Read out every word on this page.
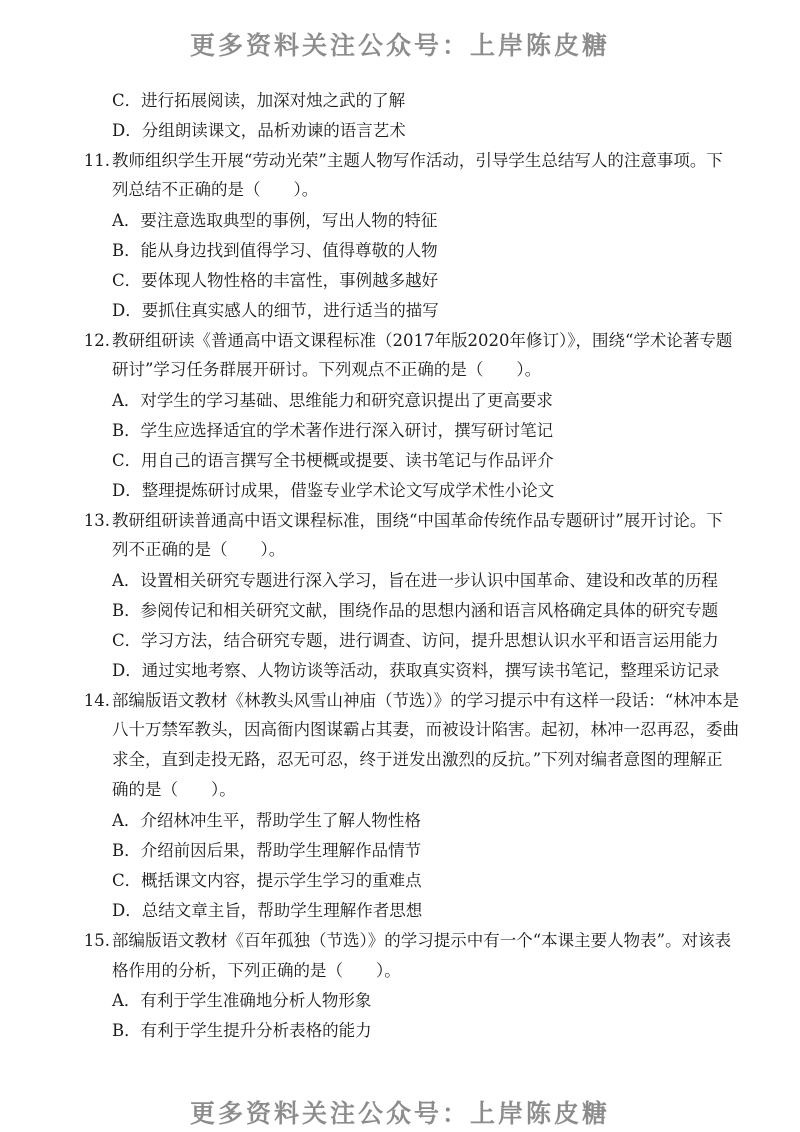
更多资料关注公众号：上岸陈皮糖
C．进行拓展阅读，加深对烛之武的了解
D．分组朗读课文，品析劝谏的语言艺术
11. 教师组织学生开展“劳动光荣”主题人物写作活动，引导学生总结写人的注意事项。下
列总结不正确的是（　　）。
A．要注意选取典型的事例，写出人物的特征
B．能从身边找到值得学习、值得尊敬的人物
C．要体现人物性格的丰富性，事例越多越好
D．要抓住真实感人的细节，进行适当的描写
12. 教研组研读《普通高中语文课程标准（2017年版2020年修订）》，围绕“学术论著专题
研讨”学习任务群展开研讨。下列观点不正确的是（　　）。
A．对学生的学习基础、思维能力和研究意识提出了更高要求
B．学生应选择适宜的学术著作进行深入研讨，撰写研讨笔记
C．用自己的语言撰写全书梗概或提要、读书笔记与作品评介
D．整理提炼研讨成果，借鉴专业学术论文写成学术性小论文
13. 教研组研读普通高中语文课程标准，围绕“中国革命传统作品专题研讨”展开讨论。下
列不正确的是（　　）。
A．设置相关研究专题进行深入学习，旨在进一步认识中国革命、建设和改革的历程
B．参阅传记和相关研究文献，围绕作品的思想内涵和语言风格确定具体的研究专题
C．学习方法，结合研究专题，进行调查、访问，提升思想认识水平和语言运用能力
D．通过实地考察、人物访谈等活动，获取真实资料，撰写读书笔记，整理采访记录
14. 部编版语文教材《林教头风雪山神庙（节选）》的学习提示中有这样一段话：“林冲本是
八十万禁军教头，因高衙内图谋霸占其妻，而被设计陷害。起初，林冲一忍再忍，委曲
求全，直到走投无路，忍无可忍，终于迸发出激烈的反抗。”下列对编者意图的理解正
确的是（　　）。
A．介绍林冲生平，帮助学生了解人物性格
B．介绍前因后果，帮助学生理解作品情节
C．概括课文内容，提示学生学习的重难点
D．总结文章主旨，帮助学生理解作者思想
15. 部编版语文教材《百年孤独（节选）》的学习提示中有一个“本课主要人物表”。对该表
格作用的分析，下列正确的是（　　）。
A．有利于学生准确地分析人物形象
B．有利于学生提升分析表格的能力
更多资料关注公众号：上岸陈皮糖
